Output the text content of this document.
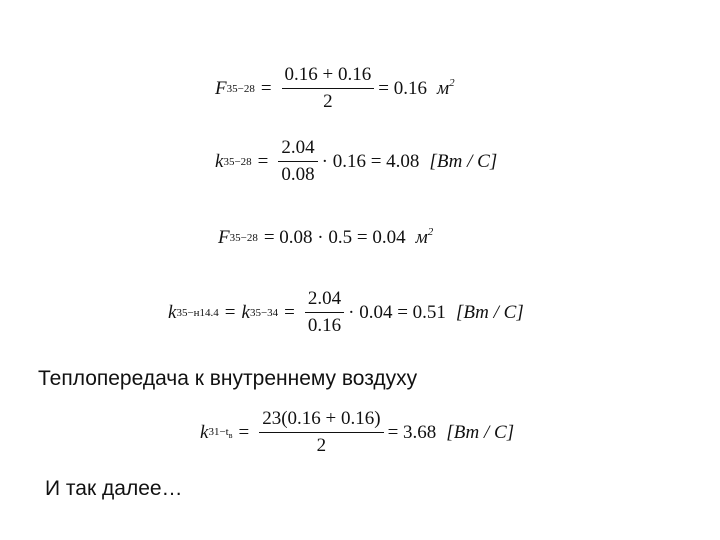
F $35-28 = \frac{0.16 + 0.16}{2} = 0.16$ $м^2$
k $35-28 = \frac{2.04}{0.08} \cdot 0.16 = 4.08$ [Вт / С]
F 35−28 = 0.08 · 0.5 = 0.04 $м^2$
k 35−н14.4 = k $35-34 = \frac{2.04}{0.16} \cdot 0.04 = 0.51$ [Вт / С]
Теплопередача к внутреннему воздуху
k $31-t_в = \frac{23(0.16 + 0.16)}{2} = 3.68$ [Вт / С]
И так далее…
